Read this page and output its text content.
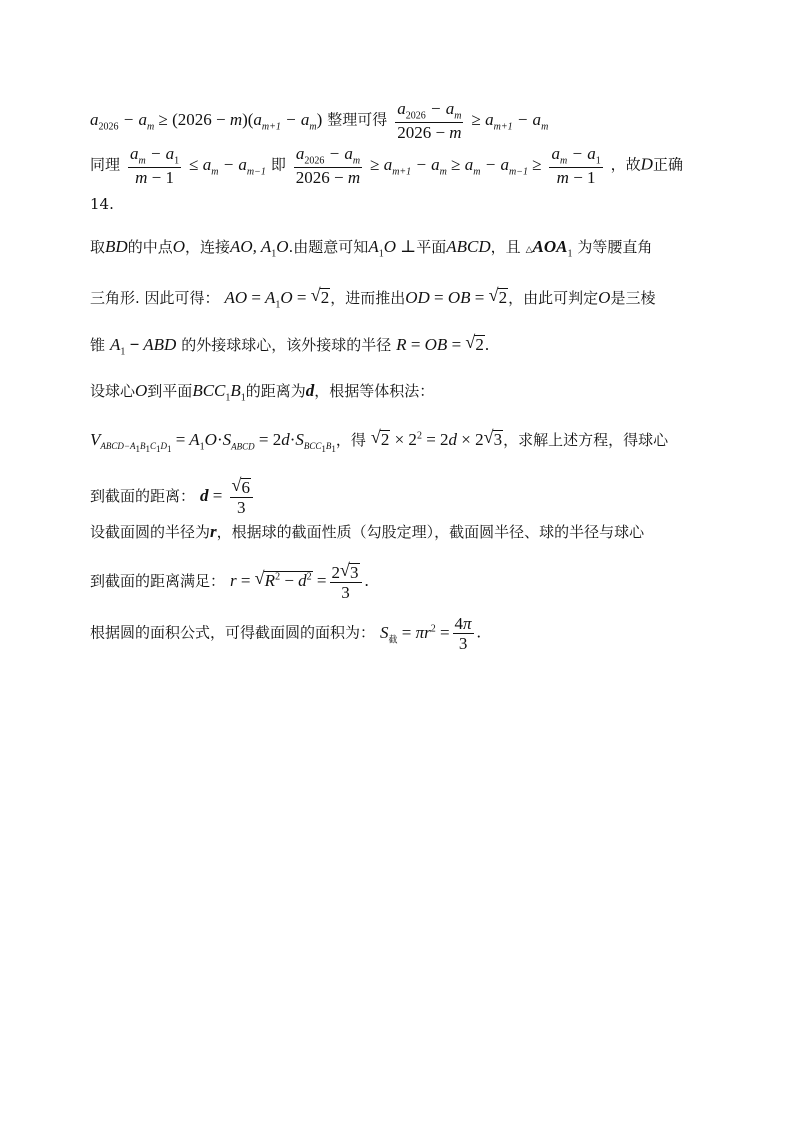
$a_{2026} - a_m \ge (2026 - m)(a_{m+1} - a_m)$ 整理可得 $\frac{a_{2026} - a_m}{2026 - m} \ge a_{m+1} - a_m$
同理 $\frac{a_m - a_1}{m - 1} \le a_m - a_{m-1}$ 即 $\frac{a_{2026} - a_m}{2026 - m} \ge a_{m+1} - a_m \ge a_m - a_{m-1} \ge \frac{a_m - a_1}{m - 1}$ ，故D正确
14.
取BD的中点O，连接AO, $A_1O$.由题意可知$A_1O$ ⊥平面ABCD，且 $\triangle AOA_1$ 为等腰直角
三角形. 因此可得： AO = $A_1O$ = √ 2，进而推出OD = OB = √ 2，由此可判定O是三棱
锥 $A_1$ − ABD 的外接球球心，该外接球的半径 R = OB = √ 2.
设球心O到平面$BCC_1B_1$的距离为d，根据等体积法：
$V_{ABCD-A_1B_1C_1D_1} = A_1O\cdot S_{ABCD} = 2d\cdot S_{BCC_1B_1}$，得 √ $2 \times 2^2 = 2d \times 2$ √ 3，求解上述方程，得球心
到截面的距离： $d = \frac{√ 6}{3}$
设截面圆的半径为r，根据球的截面性质（勾股定理），截面圆半径、球的半径与球心
到截面的距离满足： r = √ $R^2 - d^2 = \frac{2 √ 3}{3}$ .
根据圆的面积公式，可得截面圆的面积为： $S_截 = \pi r^2 = \frac{4\pi}{3}$ .
